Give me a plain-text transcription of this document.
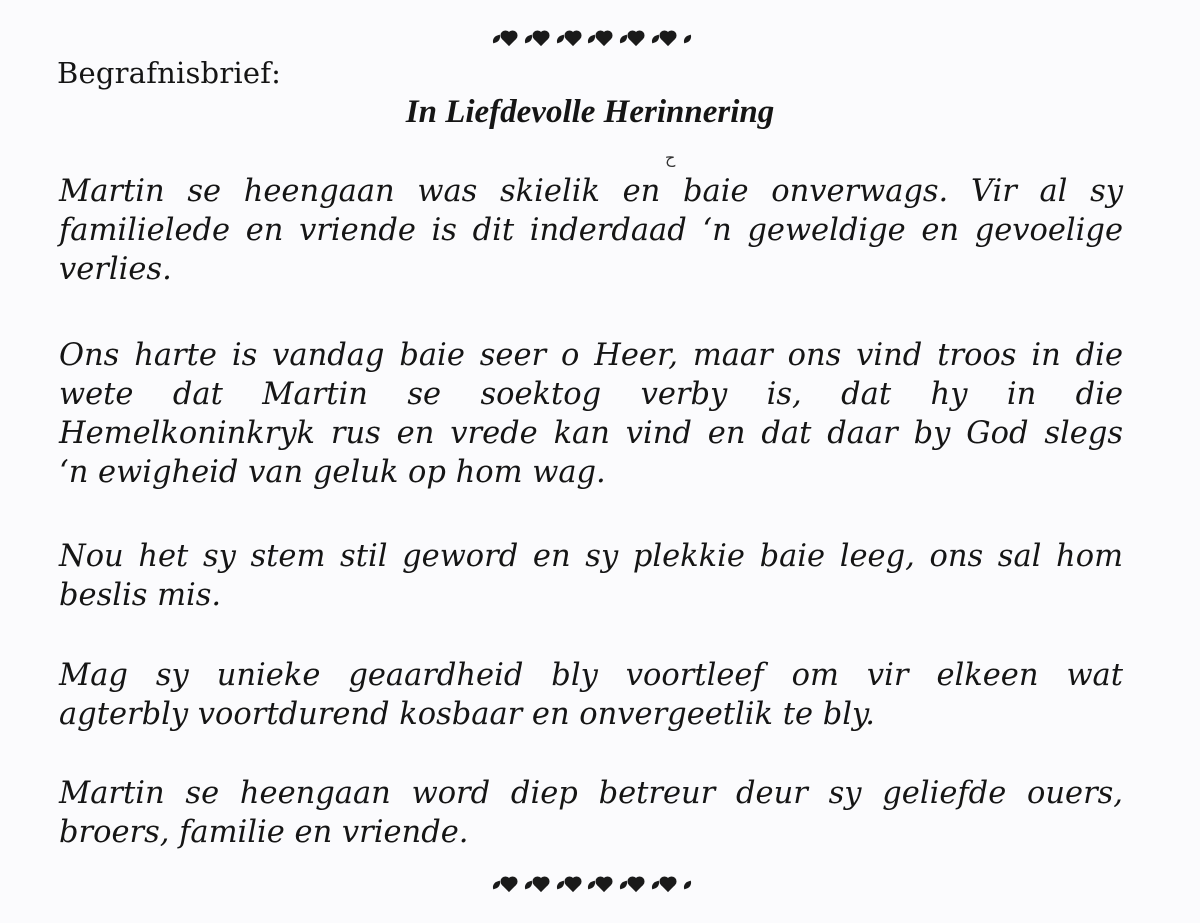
Begrafnisbrief:
In Liefdevolle Herinnering
ح
Martin se heengaan was skielik en baie onverwags. Vir al sy
familielede en vriende is dit inderdaad ‘n geweldige en gevoelige
verlies.
Ons harte is vandag baie seer o Heer, maar ons vind troos in die
wete dat Martin se soektog verby is, dat hy in die
Hemelkoninkryk rus en vrede kan vind en dat daar by God slegs
‘n ewigheid van geluk op hom wag.
Nou het sy stem stil geword en sy plekkie baie leeg, ons sal hom
beslis mis.
Mag sy unieke geaardheid bly voortleef om vir elkeen wat
agterbly voortdurend kosbaar en onvergeetlik te bly.
Martin se heengaan word diep betreur deur sy geliefde ouers,
broers, familie en vriende.
